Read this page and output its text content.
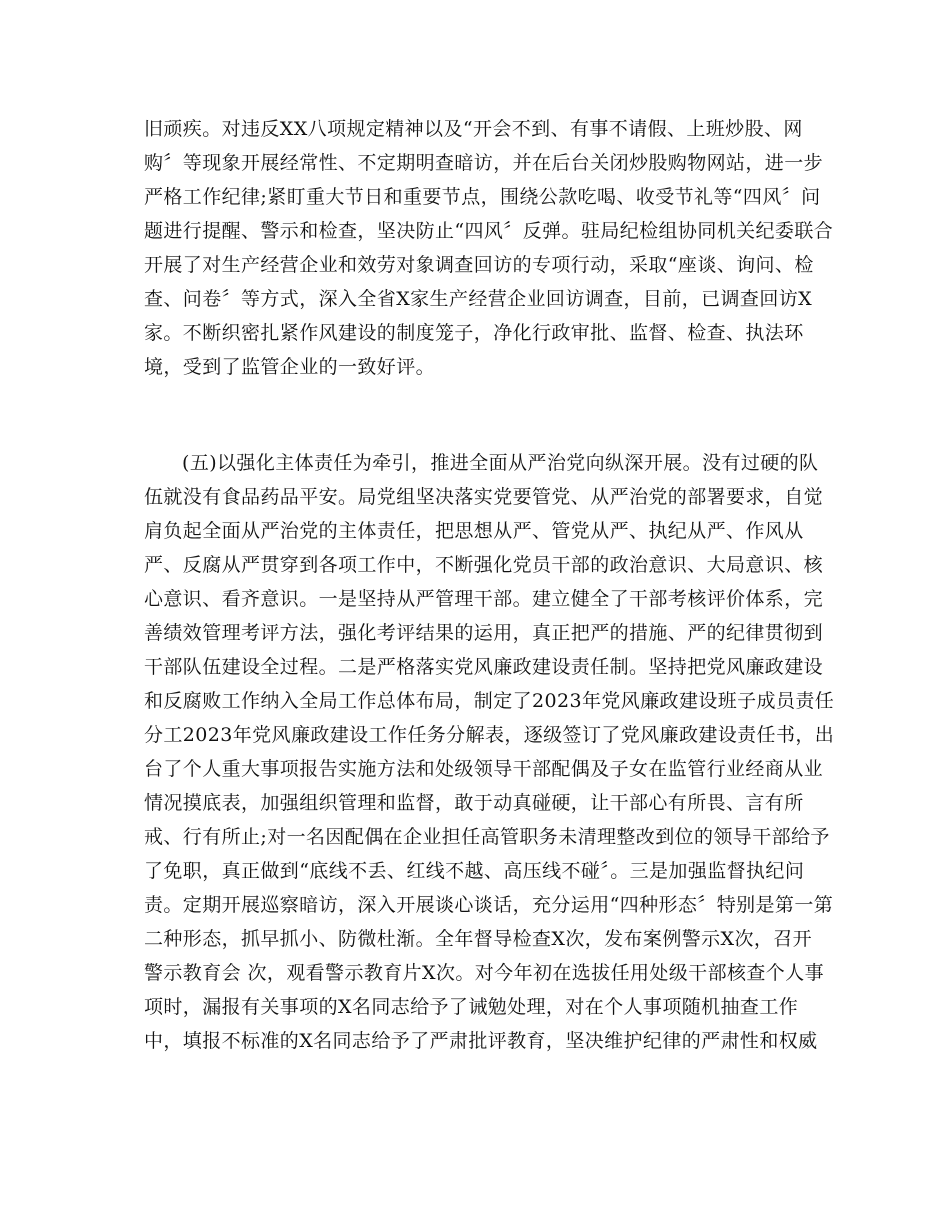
旧顽疾。对违反XX八项规定精神以及“开会不到、有事不请假、上班炒股、网
购〞等现象开展经常性、不定期明查暗访，并在后台关闭炒股购物网站，进一步
严格工作纪律;紧盯重大节日和重要节点，围绕公款吃喝、收受节礼等“四风〞问
题进行提醒、警示和检查，坚决防止“四风〞反弹。驻局纪检组协同机关纪委联合
开展了对生产经营企业和效劳对象调查回访的专项行动，采取“座谈、询问、检
查、问卷〞等方式，深入全省X家生产经营企业回访调查，目前，已调查回访X
家。不断织密扎紧作风建设的制度笼子，净化行政审批、监督、检查、执法环
境，受到了监管企业的一致好评。
(五)以强化主体责任为牵引，推进全面从严治党向纵深开展。没有过硬的队
伍就没有食品药品平安。局党组坚决落实党要管党、从严治党的部署要求，自觉
肩负起全面从严治党的主体责任，把思想从严、管党从严、执纪从严、作风从
严、反腐从严贯穿到各项工作中，不断强化党员干部的政治意识、大局意识、核
心意识、看齐意识。一是坚持从严管理干部。建立健全了干部考核评价体系，完
善绩效管理考评方法，强化考评结果的运用，真正把严的措施、严的纪律贯彻到
干部队伍建设全过程。二是严格落实党风廉政建设责任制。坚持把党风廉政建设
和反腐败工作纳入全局工作总体布局，制定了2023年党风廉政建设班子成员责任
分工2023年党风廉政建设工作任务分解表，逐级签订了党风廉政建设责任书，出
台了个人重大事项报告实施方法和处级领导干部配偶及子女在监管行业经商从业
情况摸底表，加强组织管理和监督，敢于动真碰硬，让干部心有所畏、言有所
戒、行有所止;对一名因配偶在企业担任高管职务未清理整改到位的领导干部给予
了免职，真正做到“底线不丢、红线不越、高压线不碰〞。三是加强监督执纪问
责。定期开展巡察暗访，深入开展谈心谈话，充分运用“四种形态〞特别是第一第
二种形态，抓早抓小、防微杜渐。全年督导检查X次，发布案例警示X次，召开
警示教育会 次，观看警示教育片X次。对今年初在选拔任用处级干部核查个人事
项时，漏报有关事项的X名同志给予了诫勉处理，对在个人事项随机抽查工作
中，填报不标准的X名同志给予了严肃批评教育，坚决维护纪律的严肃性和权威
